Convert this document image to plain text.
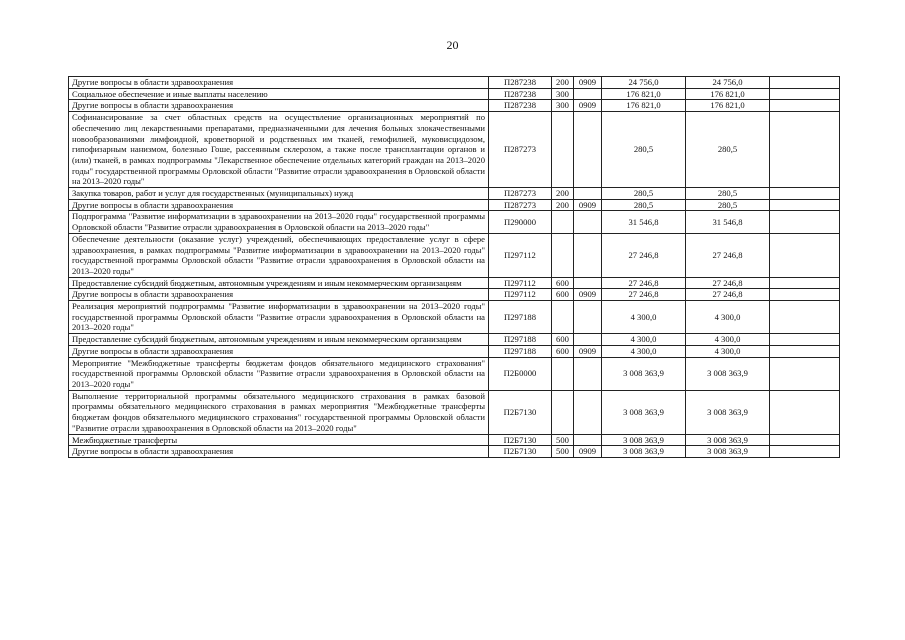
20
Другие вопросы в области здравоохранения	П287238	200	0909	24 756,0	24 756,0	
Социальное обеспечение и иные выплаты населению	П287238	300		176 821,0	176 821,0	
Другие вопросы в области здравоохранения	П287238	300	0909	176 821,0	176 821,0	
Софинансирование за счет областных средств на осуществление организационных мероприятий по обеспечению лиц лекарственными препаратами, предназначенными для лечения больных злокачественными новообразованиями лимфоидной, кроветворной и родственных им тканей, гемофилией, муковисцидозом, гипофизарным нанизмом, болезнью Гоше, рассеянным склерозом, а также после трансплантации органов и (или) тканей, в рамках подпрограммы "Лекарственное обеспечение отдельных категорий граждан на 2013–2020 годы" государственной программы Орловской области "Развитие отрасли здравоохранения в Орловской области на 2013–2020 годы"	П287273			280,5	280,5	
Закупка товаров, работ и услуг для государственных (муниципальных) нужд	П287273	200		280,5	280,5	
Другие вопросы в области здравоохранения	П287273	200	0909	280,5	280,5	
Подпрограмма "Развитие информатизации в здравоохранении на 2013–2020 годы" государственной программы Орловской области "Развитие отрасли здравоохранения в Орловской области на 2013–2020 годы"	П290000			31 546,8	31 546,8	
Обеспечение деятельности (оказание услуг) учреждений, обеспечивающих предоставление услуг в сфере здравоохранения, в рамках подпрограммы "Развитие информатизации в здравоохранении на 2013–2020 годы" государственной программы Орловской области "Развитие отрасли здравоохранения в Орловской области на 2013–2020 годы"	П297112			27 246,8	27 246,8	
Предоставление субсидий бюджетным, автономным учреждениям и иным некоммерческим организациям	П297112	600		27 246,8	27 246,8	
Другие вопросы в области здравоохранения	П297112	600	0909	27 246,8	27 246,8	
Реализация мероприятий подпрограммы "Развитие информатизации в здравоохранении на 2013–2020 годы" государственной программы Орловской области "Развитие отрасли здравоохранения в Орловской области на 2013–2020 годы"	П297188			4 300,0	4 300,0	
Предоставление субсидий бюджетным, автономным учреждениям и иным некоммерческим организациям	П297188	600		4 300,0	4 300,0	
Другие вопросы в области здравоохранения	П297188	600	0909	4 300,0	4 300,0	
Мероприятие "Межбюджетные трансферты бюджетам фондов обязательного медицинского страхования" государственной программы Орловской области "Развитие отрасли здравоохранения в Орловской области на 2013–2020 годы"	П2Б0000			3 008 363,9	3 008 363,9	
Выполнение территориальной программы обязательного медицинского страхования в рамках базовой программы обязательного медицинского страхования в рамках мероприятия "Межбюджетные трансферты бюджетам фондов обязательного медицинского страхования" государственной программы Орловской области "Развитие отрасли здравоохранения в Орловской области на 2013–2020 годы"	П2Б7130			3 008 363,9	3 008 363,9	
Межбюджетные трансферты	П2Б7130	500		3 008 363,9	3 008 363,9	
Другие вопросы в области здравоохранения	П2Б7130	500	0909	3 008 363,9	3 008 363,9	
